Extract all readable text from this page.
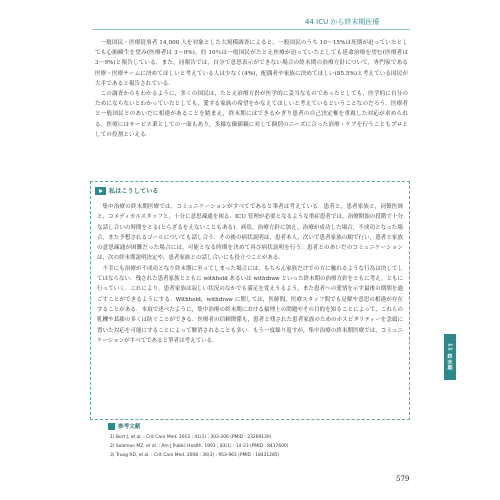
44 ICU から終末期医療

一般国民・医療従事者 14,000 人を対象とした大規模調査によると，一般国民のうち 10〜15%は死期が迫っていたとしても心肺蘇生を望み(医療者は 3〜9%)，約 10％は一般国民がたとえ医療が迫っていたとしても延命治療を望む(医療者は 3〜9%)と報告している．また，同報告では，自分で意思表示ができない場合の終末期の治療方針について，専門家である医療・医療チームに決めてほしいと考えている人は少なく(4%)，配偶者や家族に決めてほしい(85.5%)と考えている国民が大半であると報告されている．

この調査からもわかるように，多くの国民は，たとえ治療方針が医学的に妥当なものであったとしても，医学的に自分のためにならないとわかっていたとしても，愛する家族の希望をかなえてほしいと考えているということなのだろう．医療者と一般国民とのあいだに相違があることを踏まえ，終末期にはできるかぎり患者の自己決定権を重視した対応が求められる．医療にはサービス業としての一面もあり，多様な価値観に対して個別のニーズに合った治療・ケアを行うこともプロとしての役割といえる．

私はこうしている

集中治療の終末期医療では，コミュニケーションがすべてであると筆者は考えている．患者と，患者家族と，同僚医師と，コメディカルスタッフと，十分に意思疎通を図る．ICU 管理が必要となるような重症患者では，治療開始の段階で十分な話し合いの時間をとる(とらざるをえないこともある)．病状，治療方針に加え，治療が成功した場合，不成功となった場合，また予想されるゴールについても話し合う．その後の病状説明は，患者本人，次いで患者家族の順で行い，患者と家族の意思疎通が困難だった場合には，可能となる時期を決めて再び病状説明を行う．患者とのあいだのコミュニケーションは，次の終末期説明決定や，患者家族との話し合いにも役立つことがある．

不幸にも治療が不成功となり終末期に至ってしまった場合には，もちろん家族だけでの方に触れるような行為は決してしてはならない．残された患者家族とともに withhold あるいは withdraw といった終末期の治療方針をともに考え，ともに行っていく．これにより，患者家族は寂しい状況のなかでも満足を覚えうるよう，また患者への愛情を示す最後の期間を過ごすことができるようにする．Withhold，withdraw に関しては，医師間，医療スタッフ間でも見解や意思の相違が存在することがある．本項で述べたように，集中治療の終末期における倫理上の問題やその目的を知ることによって，これらの軋轢や葛藤の多くは防ぐことができる．医療者の信頼関係も，患者と残された患者家族のためのホスピタリティーを念頭に置いた対応を可能にすることによって解消されることも多い．もう一度繰り返すが，集中治療の終末期医療では，コミュニケーションがすべてであると筆者は考えている．

参考文献
1) Burt J, et al. : Crit Care Med. 2013 ; 41(1) : 303-306 (PMID : 23269130)
2) Solomon MZ, et al. : Am J Public Health. 1993 ; 83(1) : 14-23 (PMID : 8417600)
3) Truog RD, et al. : Crit Care Med. 2008 ; 36(3) : 953-963 (PMID : 18431285)
11 終末期
579
